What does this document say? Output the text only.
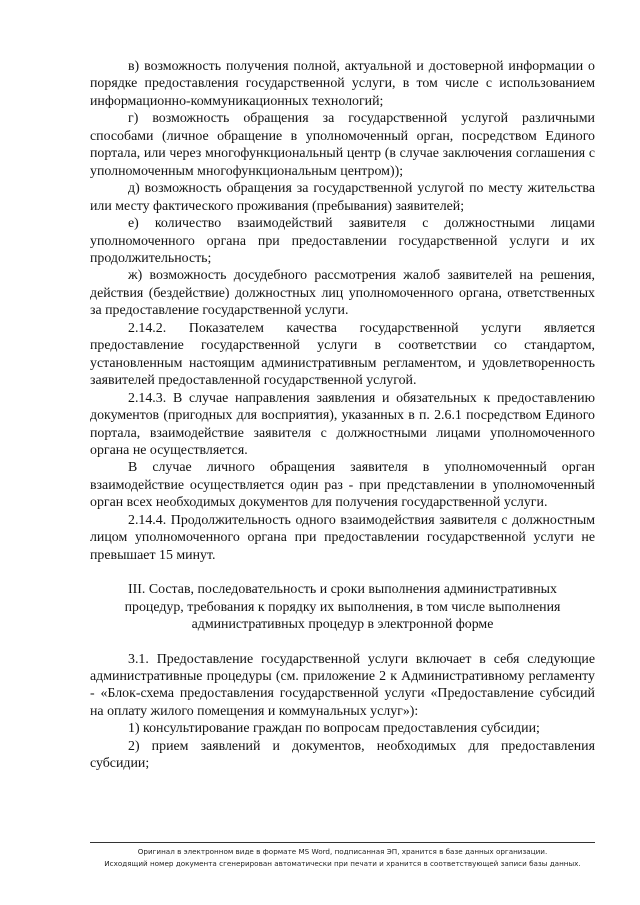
в) возможность получения полной, актуальной и достоверной информации о порядке предоставления государственной услуги, в том числе с использованием информационно-коммуникационных технологий;

г) возможность обращения за государственной услугой различными способами (личное обращение в уполномоченный орган, посредством Единого портала, или через многофункциональный центр (в случае заключения соглашения с уполномоченным многофункциональным центром));

д) возможность обращения за государственной услугой по месту жительства или месту фактического проживания (пребывания) заявителей;

е) количество взаимодействий заявителя с должностными лицами уполномоченного органа при предоставлении государственной услуги и их продолжительность;

ж) возможность досудебного рассмотрения жалоб заявителей на решения, действия (бездействие) должностных лиц уполномоченного органа, ответственных за предоставление государственной услуги.

2.14.2. Показателем качества государственной услуги является предоставление государственной услуги в соответствии со стандартом, установленным настоящим административным регламентом, и удовлетворенность заявителей предоставленной государственной услугой.

2.14.3. В случае направления заявления и обязательных к предоставлению документов (пригодных для восприятия), указанных в п. 2.6.1 посредством Единого портала, взаимодействие заявителя с должностными лицами уполномоченного органа не осуществляется.

В случае личного обращения заявителя в уполномоченный орган взаимодействие осуществляется один раз - при представлении в уполномоченный орган всех необходимых документов для получения государственной услуги.

2.14.4. Продолжительность одного взаимодействия заявителя с должностным лицом уполномоченного органа при предоставлении государственной услуги не превышает 15 минут.

III. Состав, последовательность и сроки выполнения административных процедур, требования к порядку их выполнения, в том числе выполнения административных процедур в электронной форме

3.1. Предоставление государственной услуги включает в себя следующие административные процедуры (см. приложение 2 к Административному регламенту - «Блок-схема предоставления государственной услуги «Предоставление субсидий на оплату жилого помещения и коммунальных услуг»):

1) консультирование граждан по вопросам предоставления субсидии;

2) прием заявлений и документов, необходимых для предоставления субсидии;

Оригинал в электронном виде в формате MS Word, подписанная ЭП, хранится в базе данных организации.
Исходящий номер документа сгенерирован автоматически при печати и хранится в соответствующей записи базы данных.
